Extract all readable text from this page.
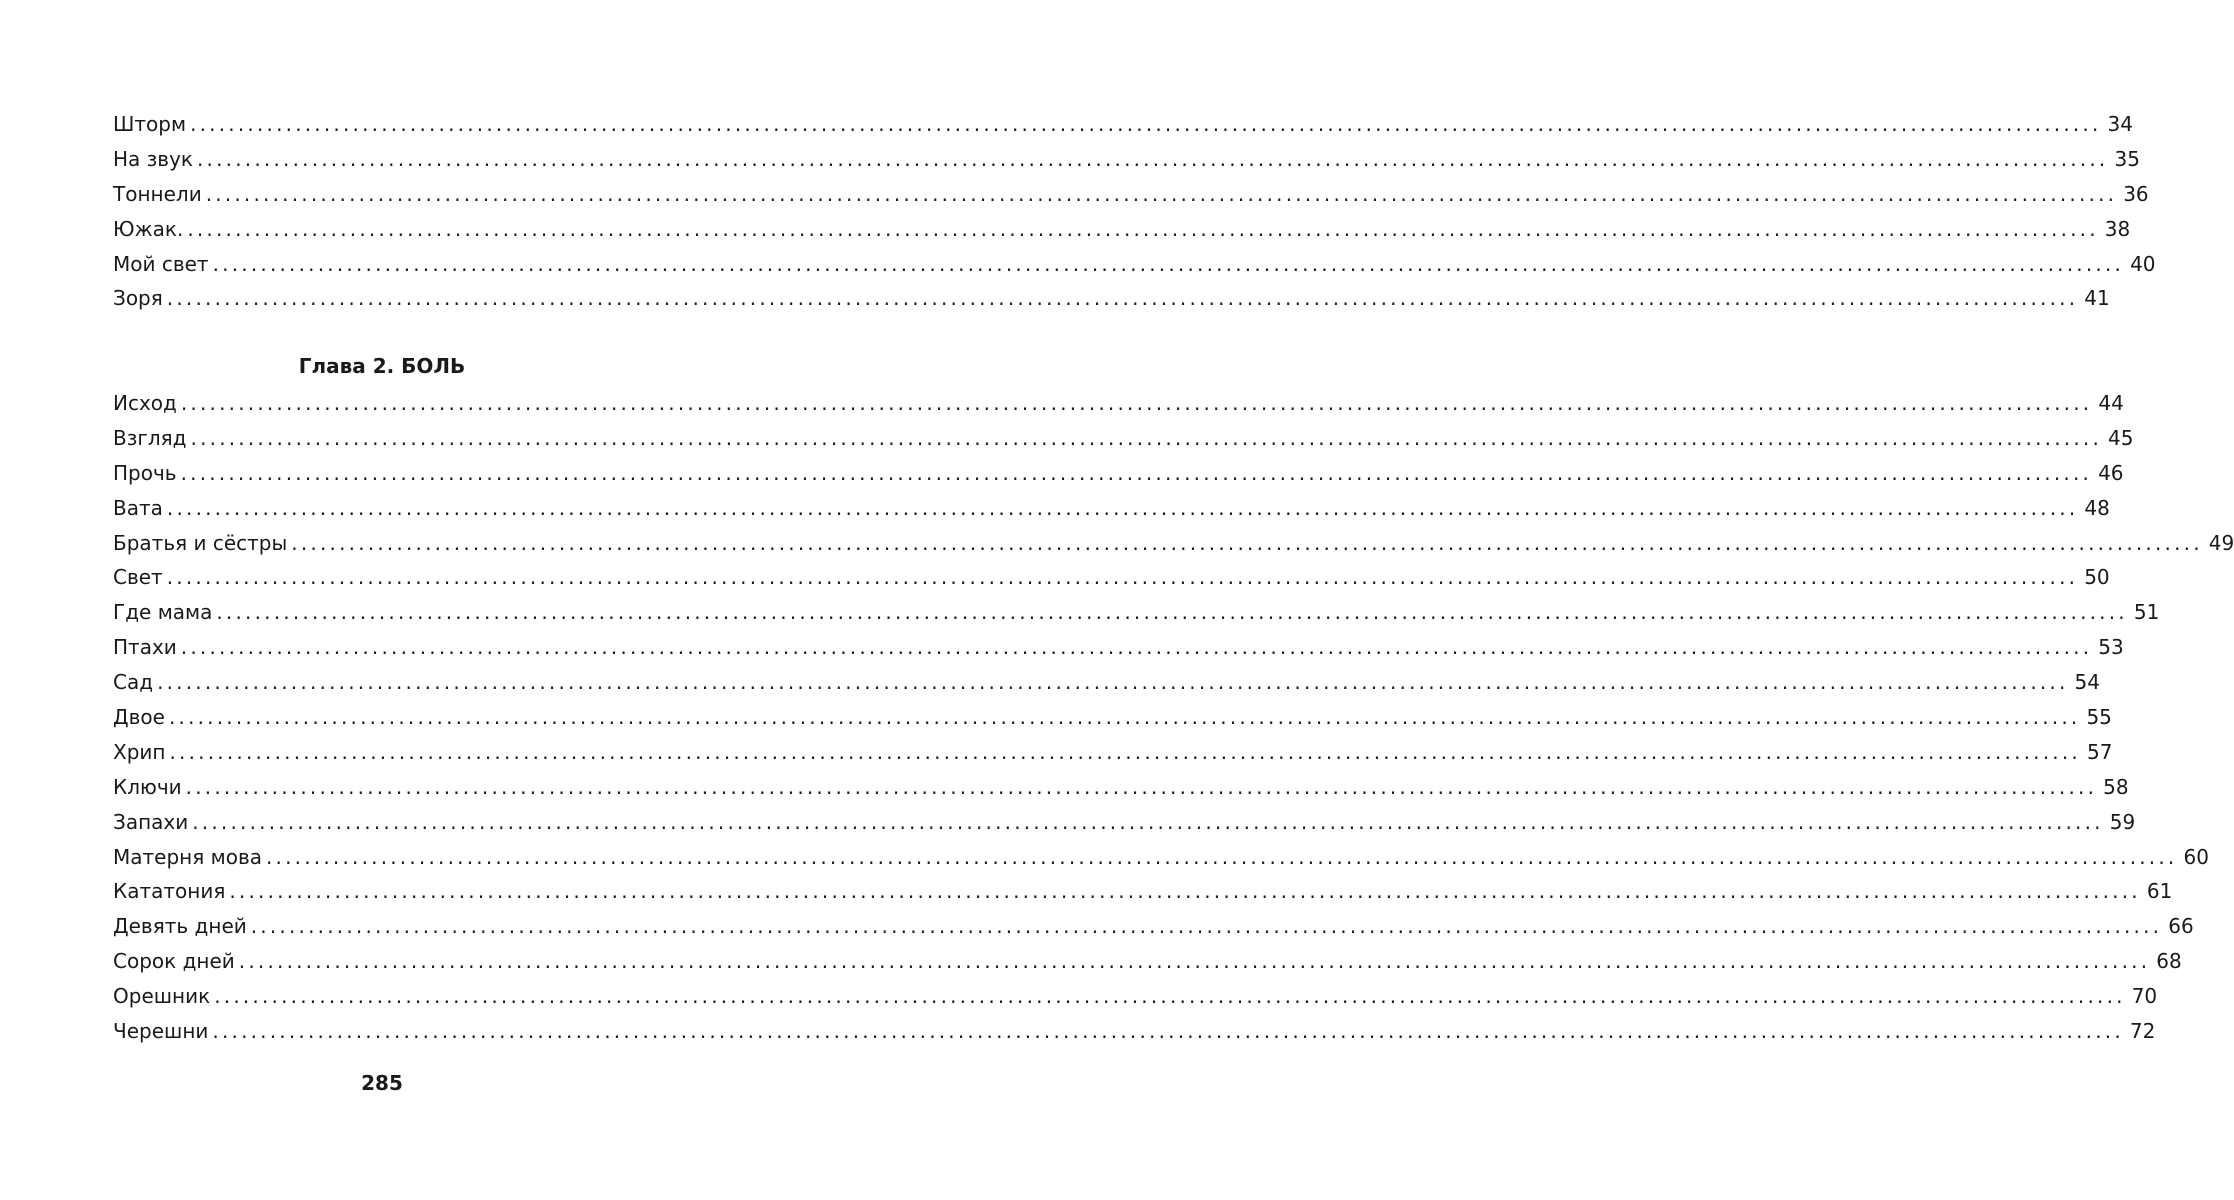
Шторм ........................................................................................................................................................................................................ 34
На звук ........................................................................................................................................................................................................ 35
Тоннели ........................................................................................................................................................................................................ 36
Южак. ........................................................................................................................................................................................................ 38
Мой свет ........................................................................................................................................................................................................ 40
Зоря ........................................................................................................................................................................................................ 41
Глава 2. БОЛЬ
Исход ........................................................................................................................................................................................................ 44
Взгляд ........................................................................................................................................................................................................ 45
Прочь ........................................................................................................................................................................................................ 46
Вата ........................................................................................................................................................................................................ 48
Братья и сёстры ........................................................................................................................................................................................................ 49
Свет ........................................................................................................................................................................................................ 50
Где мама ........................................................................................................................................................................................................ 51
Птахи ........................................................................................................................................................................................................ 53
Сад ........................................................................................................................................................................................................ 54
Двое ........................................................................................................................................................................................................ 55
Хрип ........................................................................................................................................................................................................ 57
Ключи ........................................................................................................................................................................................................ 58
Запахи ........................................................................................................................................................................................................ 59
Матерня мова ........................................................................................................................................................................................................ 60
Кататония ........................................................................................................................................................................................................ 61
Девять дней ........................................................................................................................................................................................................ 66
Сорок дней ........................................................................................................................................................................................................ 68
Орешник ........................................................................................................................................................................................................ 70
Черешни ........................................................................................................................................................................................................ 72
285
